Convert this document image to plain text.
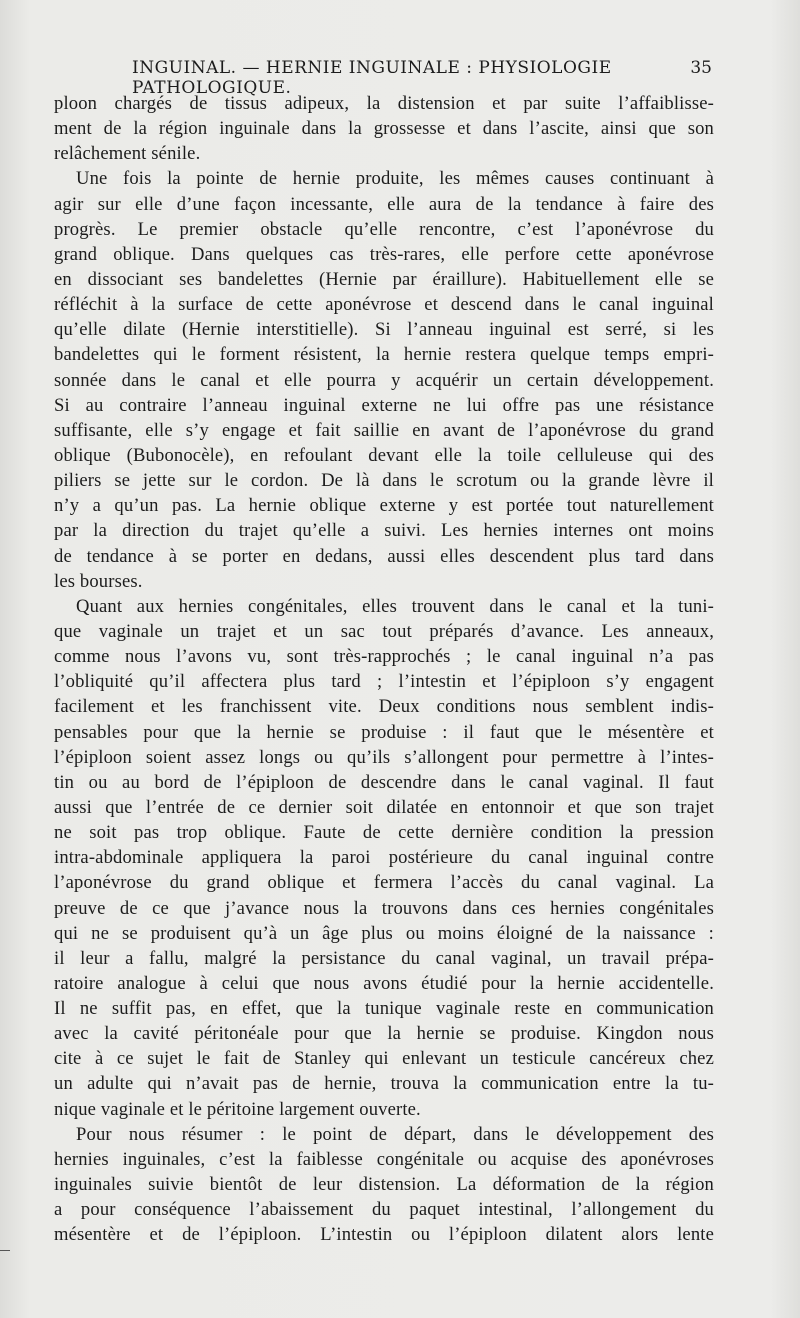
INGUINAL. — HERNIE INGUINALE : PHYSIOLOGIE PATHOLOGIQUE.
35
ploon chargés de tissus adipeux, la distension et par suite l’affaiblisse-
ment de la région inguinale dans la grossesse et dans l’ascite, ainsi que son
relâchement sénile.
Une fois la pointe de hernie produite, les mêmes causes continuant à
agir sur elle d’une façon incessante, elle aura de la tendance à faire des
progrès. Le premier obstacle qu’elle rencontre, c’est l’aponévrose du
grand oblique. Dans quelques cas très-rares, elle perfore cette aponévrose
en dissociant ses bandelettes (Hernie par éraillure). Habituellement elle se
réfléchit à la surface de cette aponévrose et descend dans le canal inguinal
qu’elle dilate (Hernie interstitielle). Si l’anneau inguinal est serré, si les
bandelettes qui le forment résistent, la hernie restera quelque temps empri-
sonnée dans le canal et elle pourra y acquérir un certain développement.
Si au contraire l’anneau inguinal externe ne lui offre pas une résistance
suffisante, elle s’y engage et fait saillie en avant de l’aponévrose du grand
oblique (Bubonocèle), en refoulant devant elle la toile celluleuse qui des
piliers se jette sur le cordon. De là dans le scrotum ou la grande lèvre il
n’y a qu’un pas. La hernie oblique externe y est portée tout naturellement
par la direction du trajet qu’elle a suivi. Les hernies internes ont moins
de tendance à se porter en dedans, aussi elles descendent plus tard dans
les bourses.
Quant aux hernies congénitales, elles trouvent dans le canal et la tuni-
que vaginale un trajet et un sac tout préparés d’avance. Les anneaux,
comme nous l’avons vu, sont très-rapprochés ; le canal inguinal n’a pas
l’obliquité qu’il affectera plus tard ; l’intestin et l’épiploon s’y engagent
facilement et les franchissent vite. Deux conditions nous semblent indis-
pensables pour que la hernie se produise : il faut que le mésentère et
l’épiploon soient assez longs ou qu’ils s’allongent pour permettre à l’intes-
tin ou au bord de l’épiploon de descendre dans le canal vaginal. Il faut
aussi que l’entrée de ce dernier soit dilatée en entonnoir et que son trajet
ne soit pas trop oblique. Faute de cette dernière condition la pression
intra-abdominale appliquera la paroi postérieure du canal inguinal contre
l’aponévrose du grand oblique et fermera l’accès du canal vaginal. La
preuve de ce que j’avance nous la trouvons dans ces hernies congénitales
qui ne se produisent qu’à un âge plus ou moins éloigné de la naissance :
il leur a fallu, malgré la persistance du canal vaginal, un travail prépa-
ratoire analogue à celui que nous avons étudié pour la hernie accidentelle.
Il ne suffit pas, en effet, que la tunique vaginale reste en communication
avec la cavité péritonéale pour que la hernie se produise. Kingdon nous
cite à ce sujet le fait de Stanley qui enlevant un testicule cancéreux chez
un adulte qui n’avait pas de hernie, trouva la communication entre la tu-
nique vaginale et le péritoine largement ouverte.
Pour nous résumer : le point de départ, dans le développement des
hernies inguinales, c’est la faiblesse congénitale ou acquise des aponévroses
inguinales suivie bientôt de leur distension. La déformation de la région
a pour conséquence l’abaissement du paquet intestinal, l’allongement du
mésentère et de l’épiploon. L’intestin ou l’épiploon dilatent alors lente
